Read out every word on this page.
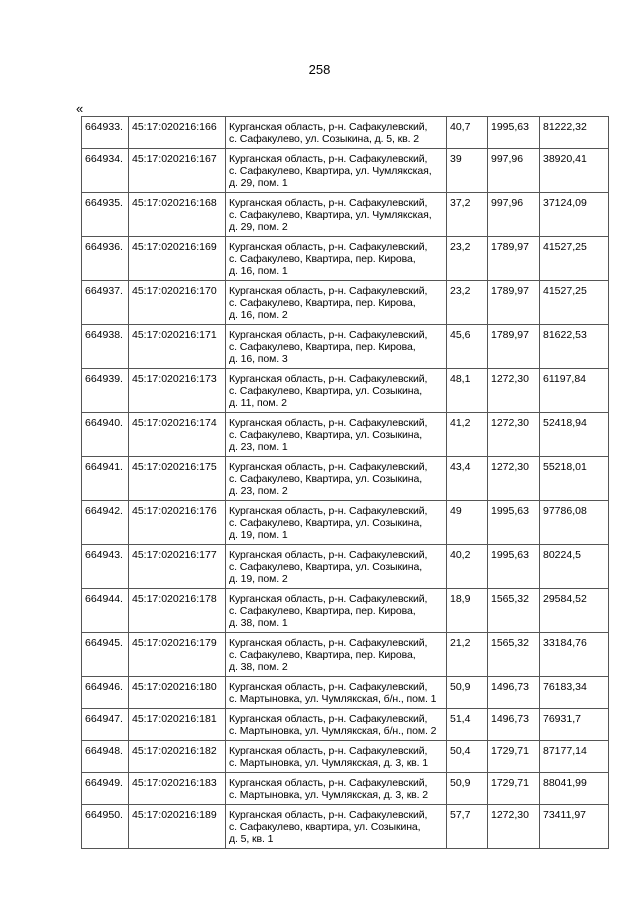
258
«
664933.	45:17:020216:166	Курганская область, р-н. Сафакулевский,
с. Сафакулево, ул. Созыкина, д. 5, кв. 2	40,7	1995,63	81222,32
664934.	45:17:020216:167	Курганская область, р-н. Сафакулевский,
с. Сафакулево, Квартира, ул. Чумлякская,
д. 29, пом. 1	39	997,96	38920,41
664935.	45:17:020216:168	Курганская область, р-н. Сафакулевский,
с. Сафакулево, Квартира, ул. Чумлякская,
д. 29, пом. 2	37,2	997,96	37124,09
664936.	45:17:020216:169	Курганская область, р-н. Сафакулевский,
с. Сафакулево, Квартира, пер. Кирова,
д. 16, пом. 1	23,2	1789,97	41527,25
664937.	45:17:020216:170	Курганская область, р-н. Сафакулевский,
с. Сафакулево, Квартира, пер. Кирова,
д. 16, пом. 2	23,2	1789,97	41527,25
664938.	45:17:020216:171	Курганская область, р-н. Сафакулевский,
с. Сафакулево, Квартира, пер. Кирова,
д. 16, пом. 3	45,6	1789,97	81622,53
664939.	45:17:020216:173	Курганская область, р-н. Сафакулевский,
с. Сафакулево, Квартира, ул. Созыкина,
д. 11, пом. 2	48,1	1272,30	61197,84
664940.	45:17:020216:174	Курганская область, р-н. Сафакулевский,
с. Сафакулево, Квартира, ул. Созыкина,
д. 23, пом. 1	41,2	1272,30	52418,94
664941.	45:17:020216:175	Курганская область, р-н. Сафакулевский,
с. Сафакулево, Квартира, ул. Созыкина,
д. 23, пом. 2	43,4	1272,30	55218,01
664942.	45:17:020216:176	Курганская область, р-н. Сафакулевский,
с. Сафакулево, Квартира, ул. Созыкина,
д. 19, пом. 1	49	1995,63	97786,08
664943.	45:17:020216:177	Курганская область, р-н. Сафакулевский,
с. Сафакулево, Квартира, ул. Созыкина,
д. 19, пом. 2	40,2	1995,63	80224,5
664944.	45:17:020216:178	Курганская область, р-н. Сафакулевский,
с. Сафакулево, Квартира, пер. Кирова,
д. 38, пом. 1	18,9	1565,32	29584,52
664945.	45:17:020216:179	Курганская область, р-н. Сафакулевский,
с. Сафакулево, Квартира, пер. Кирова,
д. 38, пом. 2	21,2	1565,32	33184,76
664946.	45:17:020216:180	Курганская область, р-н. Сафакулевский,
с. Мартыновка, ул. Чумлякская, б/н., пом. 1	50,9	1496,73	76183,34
664947.	45:17:020216:181	Курганская область, р-н. Сафакулевский,
с. Мартыновка, ул. Чумлякская, б/н., пом. 2	51,4	1496,73	76931,7
664948.	45:17:020216:182	Курганская область, р-н. Сафакулевский,
с. Мартыновка, ул. Чумлякская, д. 3, кв. 1	50,4	1729,71	87177,14
664949.	45:17:020216:183	Курганская область, р-н. Сафакулевский,
с. Мартыновка, ул. Чумлякская, д. 3, кв. 2	50,9	1729,71	88041,99
664950.	45:17:020216:189	Курганская область, р-н. Сафакулевский,
с. Сафакулево, квартира, ул. Созыкина,
д. 5, кв. 1	57,7	1272,30	73411,97
